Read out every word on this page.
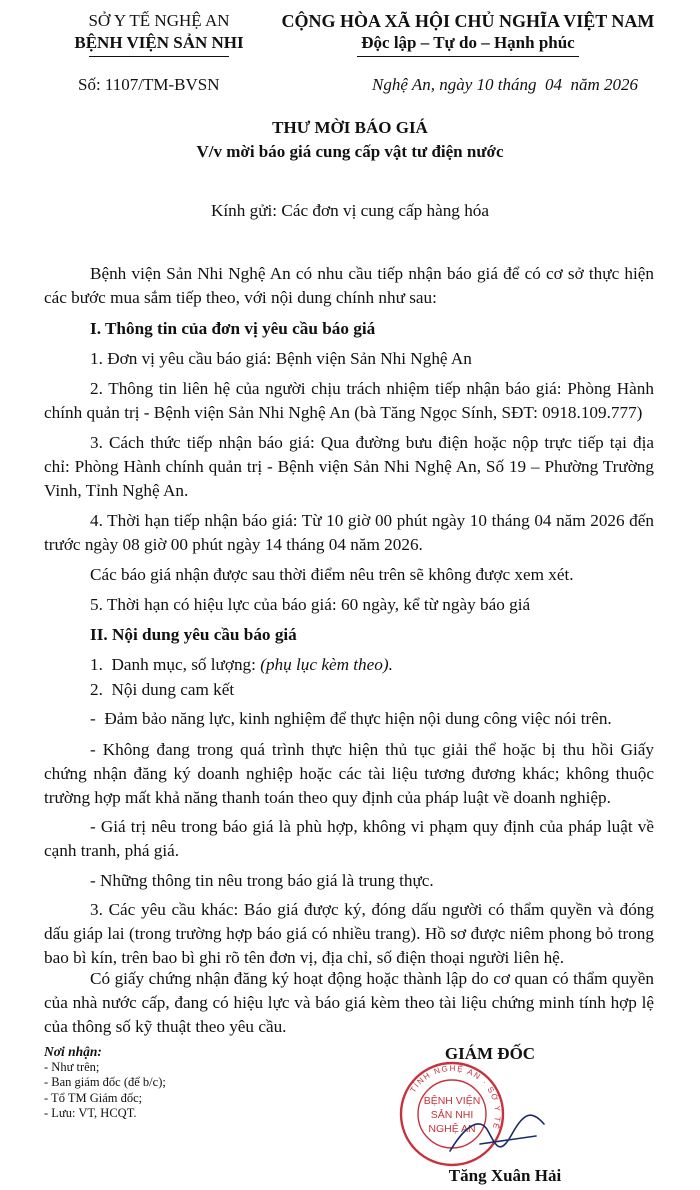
SỞ Y TẾ NGHỆ AN
BỆNH VIỆN SẢN NHI
CỘNG HÒA XÃ HỘI CHỦ NGHĨA VIỆT NAM
Độc lập – Tự do – Hạnh phúc
Số: 1107/TM-BVSN	Nghệ An, ngày 10 tháng  04  năm 2026
THƯ MỜI BÁO GIÁ
V/v mời báo giá cung cấp vật tư điện nước
Kính gửi: Các đơn vị cung cấp hàng hóa
Bệnh viện Sản Nhi Nghệ An có nhu cầu tiếp nhận báo giá để có cơ sở thực hiện các bước mua sắm tiếp theo, với nội dung chính như sau:
I. Thông tin của đơn vị yêu cầu báo giá
1. Đơn vị yêu cầu báo giá: Bệnh viện Sản Nhi Nghệ An
2. Thông tin liên hệ của người chịu trách nhiệm tiếp nhận báo giá: Phòng Hành chính quản trị - Bệnh viện Sản Nhi Nghệ An (bà Tăng Ngọc Sính, SĐT: 0918.109.777)
3. Cách thức tiếp nhận báo giá: Qua đường bưu điện hoặc nộp trực tiếp tại địa chỉ: Phòng Hành chính quản trị - Bệnh viện Sản Nhi Nghệ An, Số 19 – Phường Trường Vinh, Tỉnh Nghệ An.
4. Thời hạn tiếp nhận báo giá: Từ 10 giờ 00 phút ngày 10 tháng 04 năm 2026 đến trước ngày 08 giờ 00 phút ngày 14 tháng 04 năm 2026.
Các báo giá nhận được sau thời điểm nêu trên sẽ không được xem xét.
5. Thời hạn có hiệu lực của báo giá: 60 ngày, kể từ ngày báo giá
II. Nội dung yêu cầu báo giá
1.  Danh mục, số lượng: (phụ lục kèm theo).
2.  Nội dung cam kết
-  Đảm bảo năng lực, kinh nghiệm để thực hiện nội dung công việc nói trên.
- Không đang trong quá trình thực hiện thủ tục giải thể hoặc bị thu hồi Giấy chứng nhận đăng ký doanh nghiệp hoặc các tài liệu tương đương khác; không thuộc trường hợp mất khả năng thanh toán theo quy định của pháp luật về doanh nghiệp.
- Giá trị nêu trong báo giá là phù hợp, không vi phạm quy định của pháp luật về cạnh tranh, phá giá.
- Những thông tin nêu trong báo giá là trung thực.
3. Các yêu cầu khác: Báo giá được ký, đóng dấu người có thẩm quyền và đóng dấu giáp lai (trong trường hợp báo giá có nhiều trang). Hồ sơ được niêm phong bỏ trong bao bì kín, trên bao bì ghi rõ tên đơn vị, địa chỉ, số điện thoại người liên hệ.
Có giấy chứng nhận đăng ký hoạt động hoặc thành lập do cơ quan có thẩm quyền của nhà nước cấp, đang có hiệu lực và báo giá kèm theo tài liệu chứng minh tính hợp lệ của thông số kỹ thuật theo yêu cầu.
Nơi nhận:
- Như trên;
- Ban giám đốc (để b/c);
- Tổ TM Giám đốc;
- Lưu: VT, HCQT.
GIÁM ĐỐC
TỈNH NGHỆ AN · SỞ Y TẾ
BỆNH VIỆN
SẢN NHI
NGHỆ AN
Tăng Xuân Hải
